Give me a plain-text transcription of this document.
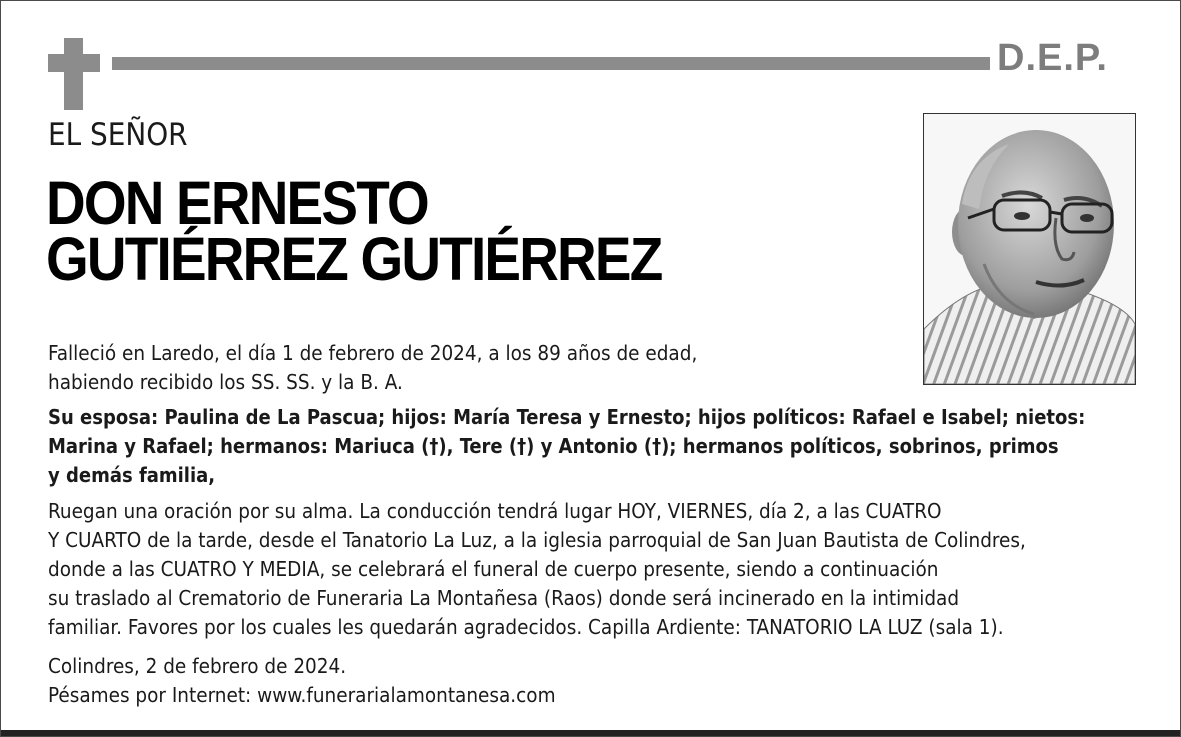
D.E.P.
EL SEÑOR
DON ERNESTO
GUTIÉRREZ GUTIÉRREZ
Falleció en Laredo, el día 1 de febrero de 2024, a los 89 años de edad,
habiendo recibido los SS. SS. y la B. A.
Su esposa: Paulina de La Pascua; hijos: María Teresa y Ernesto; hijos políticos: Rafael e Isabel; nietos:
Marina y Rafael; hermanos: Mariuca (†), Tere (†) y Antonio (†); hermanos políticos, sobrinos, primos
y demás familia,
Ruegan una oración por su alma. La conducción tendrá lugar HOY, VIERNES, día 2, a las CUATRO
Y CUARTO de la tarde, desde el Tanatorio La Luz, a la iglesia parroquial de San Juan Bautista de Colindres,
donde a las CUATRO Y MEDIA, se celebrará el funeral de cuerpo presente, siendo a continuación
su traslado al Crematorio de Funeraria La Montañesa (Raos) donde será incinerado en la intimidad
familiar. Favores por los cuales les quedarán agradecidos. Capilla Ardiente: TANATORIO LA LUZ (sala 1).
Colindres, 2 de febrero de 2024.
Pésames por Internet: www.funerarialamontanesa.com
